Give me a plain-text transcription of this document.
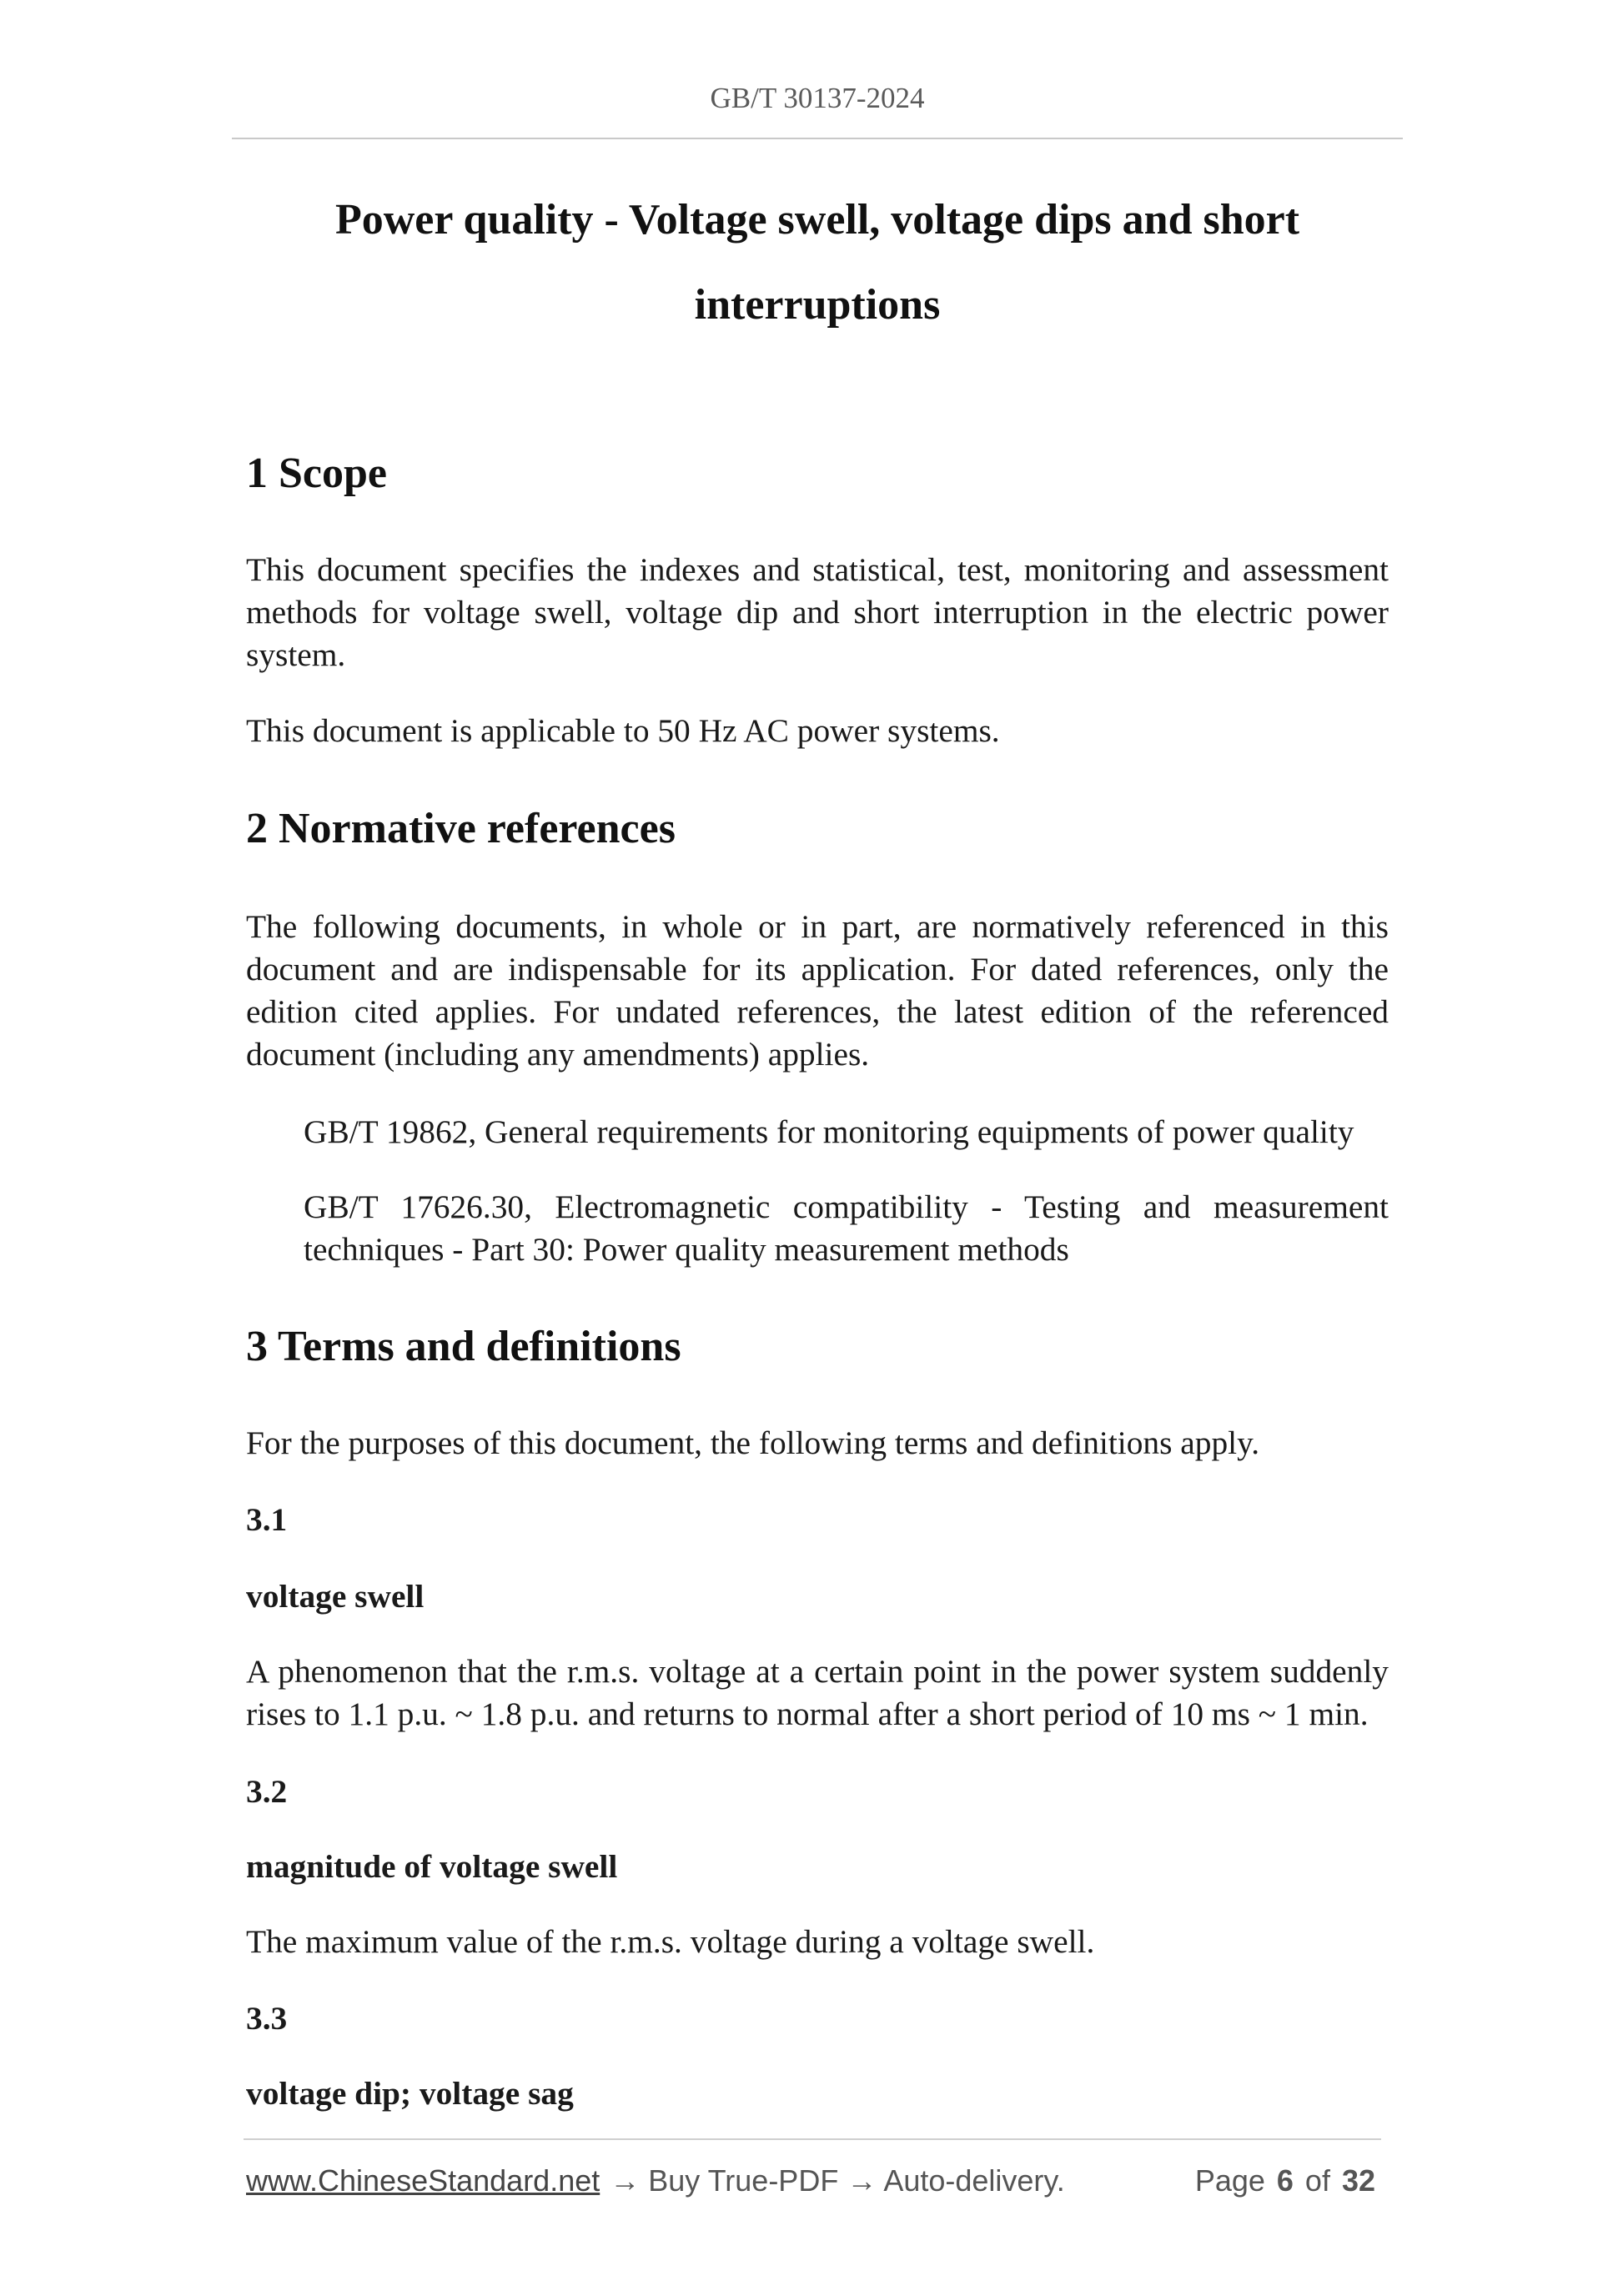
GB/T 30137-2024
Power quality - Voltage swell, voltage dips and short
interruptions
1 Scope
This document specifies the indexes and statistical, test, monitoring and assessment
methods for voltage swell, voltage dip and short interruption in the electric power
system.
This document is applicable to 50 Hz AC power systems.
2 Normative references
The following documents, in whole or in part, are normatively referenced in this
document and are indispensable for its application. For dated references, only the
edition cited applies. For undated references, the latest edition of the referenced
document (including any amendments) applies.
GB/T 19862, General requirements for monitoring equipments of power quality
GB/T 17626.30, Electromagnetic compatibility - Testing and measurement
techniques - Part 30: Power quality measurement methods
3 Terms and definitions
For the purposes of this document, the following terms and definitions apply.
3.1
voltage swell
A phenomenon that the r.m.s. voltage at a certain point in the power system suddenly
rises to 1.1 p.u. ~ 1.8 p.u. and returns to normal after a short period of 10 ms ~ 1 min.
3.2
magnitude of voltage swell
The maximum value of the r.m.s. voltage during a voltage swell.
3.3
voltage dip; voltage sag
www.ChineseStandard.net → Buy True-PDF → Auto-delivery.	Page 6 of 32
